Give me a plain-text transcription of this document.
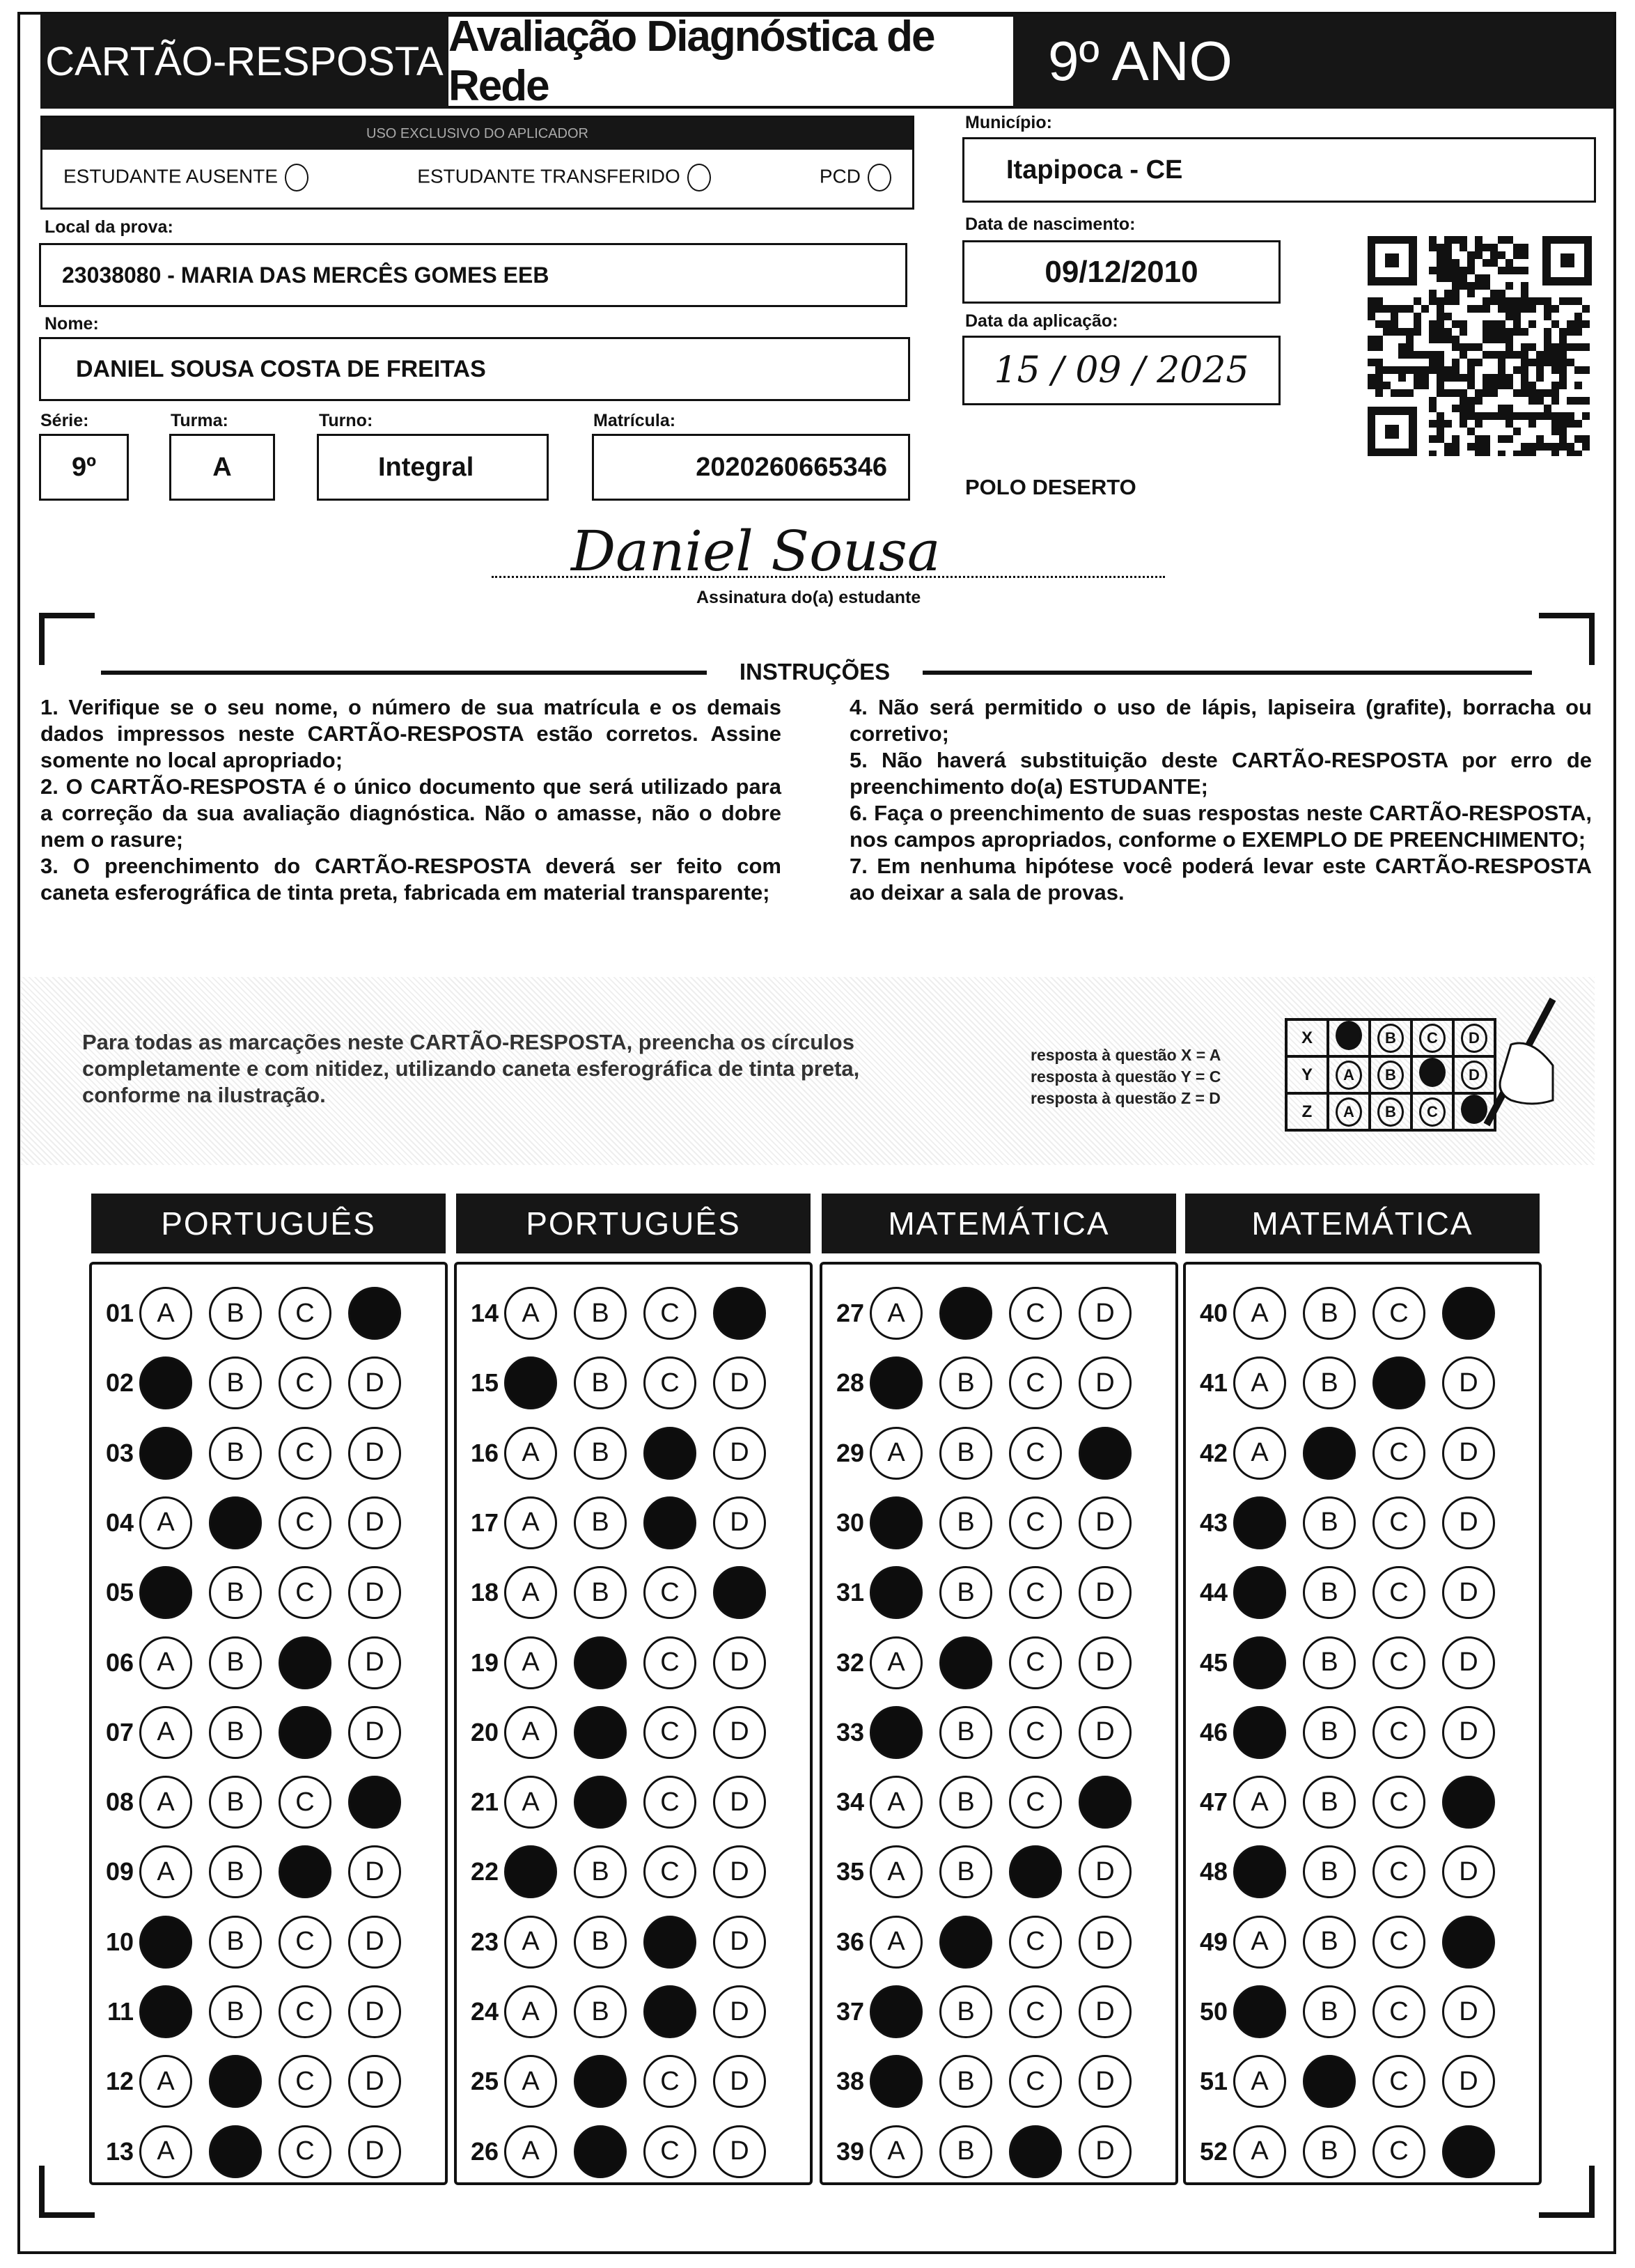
CARTÃO-RESPOSTA
Avaliação Diagnóstica de Rede	9º ANO
USO EXCLUSIVO DO APLICADOR
ESTUDANTE AUSENTE	ESTUDANTE TRANSFERIDO	PCD
Município:
Itapipoca - CE
Local da prova:
23038080 - MARIA DAS MERCÊS GOMES EEB
Data de nascimento:
09/12/2010
Nome:
DANIEL SOUSA COSTA DE FREITAS
Data da aplicação:
15 / 09 / 2025
Série:	Turma:	Turno:	Matrícula:
9º	A	Integral	2020260665346
POLO DESERTO
Daniel Sousa
Assinatura do(a) estudante
INSTRUÇÕES

1. Verifique se o seu nome, o número de sua matrícula e os demais dados impressos neste CARTÃO-RESPOSTA estão corretos. Assine somente no local apropriado;

2. O CARTÃO-RESPOSTA é o único documento que será utilizado para a correção da sua avaliação diagnóstica. Não o amasse, não o dobre nem o rasure;

3. O preenchimento do CARTÃO-RESPOSTA deverá ser feito com caneta esferográfica de tinta preta, fabricada em material transparente;

4. Não será permitido o uso de lápis, lapiseira (grafite), borracha ou corretivo;

5. Não haverá substituição deste CARTÃO-RESPOSTA por erro de preenchimento do(a) ESTUDANTE;

6. Faça o preenchimento de suas respostas neste CARTÃO-RESPOSTA, nos campos apropriados, conforme o EXEMPLO DE PREENCHIMENTO;

7. Em nenhuma hipótese você poderá levar este CARTÃO-RESPOSTA ao deixar a sala de provas.

Para todas as marcações neste CARTÃO-RESPOSTA, preencha os círculos completamente e com nitidez, utilizando caneta esferográfica de tinta preta, conforme na ilustração.
resposta à questão X = A
resposta à questão Y = C
resposta à questão Z = D
X		B	C	D
Y	A	B		D
Z	A	B	C	
PORTUGUÊS
01 A	B	C
02	B	C	D
03	B	C	D
04 A	C	D
05	B	C	D
06 A	B	D
07 A	B	D
08 A	B	C
09 A	B	D
10	B	C	D
11	B	C	D
12 A	C	D
13 A	C	D
PORTUGUÊS
14 A	B	C
15	B	C	D
16 A	B	D
17 A	B	D
18 A	B	C
19 A	C	D
20 A	C	D
21 A	C	D
22	B	C	D
23 A	B	D
24 A	B	D
25 A	C	D
26 A	C	D
MATEMÁTICA
27 A	C	D
28	B	C	D
29 A	B	C
30	B	C	D
31	B	C	D
32 A	C	D
33	B	C	D
34 A	B	C
35 A	B	D
36 A	C	D
37	B	C	D
38	B	C	D
39 A	B	D
MATEMÁTICA
40 A	B	C
41 A	B	D
42 A	C	D
43	B	C	D
44	B	C	D
45	B	C	D
46	B	C	D
47 A	B	C
48	B	C	D
49 A	B	C
50	B	C	D
51 A	C	D
52 A	B	C
